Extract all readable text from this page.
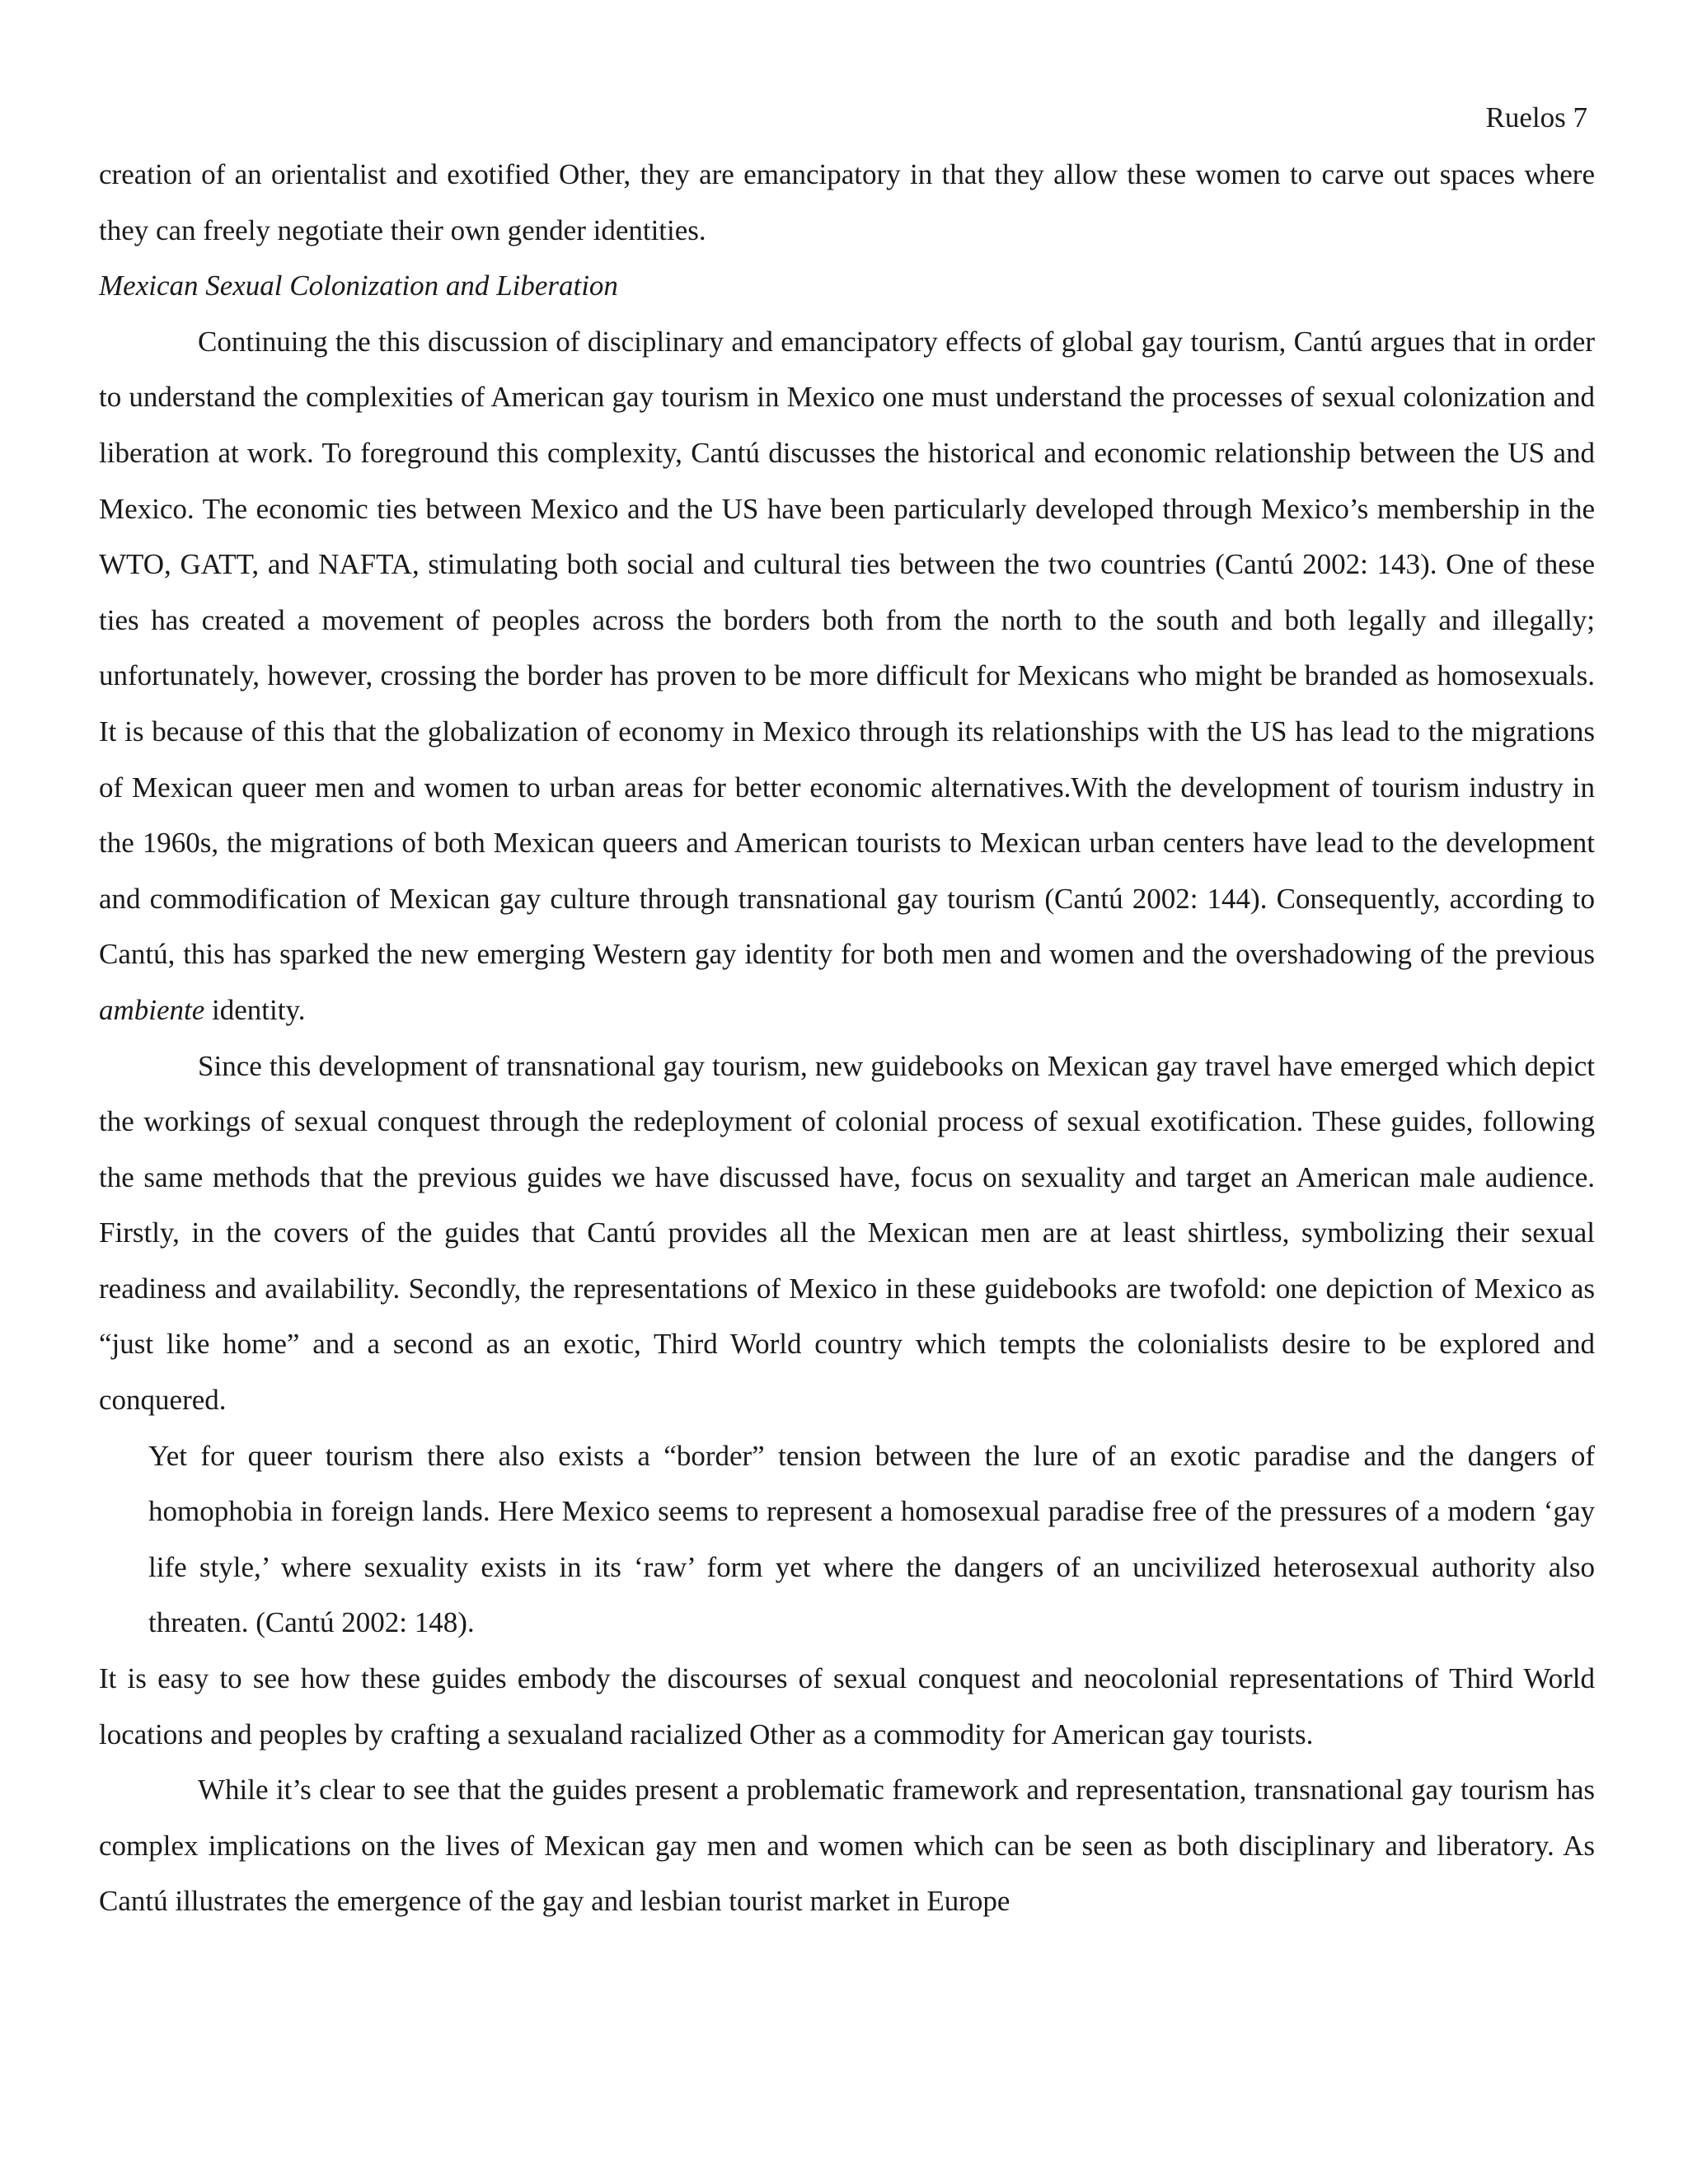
Ruelos 7

creation of an orientalist and exotified Other, they are emancipatory in that they allow these women to carve out spaces where they can freely negotiate their own gender identities.

Mexican Sexual Colonization and Liberation

Continuing the this discussion of disciplinary and emancipatory effects of global gay tourism, Cantú argues that in order to understand the complexities of American gay tourism in Mexico one must understand the processes of sexual colonization and liberation at work. To foreground this complexity, Cantú discusses the historical and economic relationship between the US and Mexico. The economic ties between Mexico and the US have been particularly developed through Mexico’s membership in the WTO, GATT, and NAFTA, stimulating both social and cultural ties between the two countries (Cantú 2002: 143). One of these ties has created a movement of peoples across the borders both from the north to the south and both legally and illegally; unfortunately, however, crossing the border has proven to be more difficult for Mexicans who might be branded as homosexuals. It is because of this that the globalization of economy in Mexico through its relationships with the US has lead to the migrations of Mexican queer men and women to urban areas for better economic alternatives.With the development of tourism industry in the 1960s, the migrations of both Mexican queers and American tourists to Mexican urban centers have lead to the development and commodification of Mexican gay culture through transnational gay tourism (Cantú 2002: 144). Consequently, according to Cantú, this has sparked the new emerging Western gay identity for both men and women and the overshadowing of the previous ambiente identity.

Since this development of transnational gay tourism, new guidebooks on Mexican gay travel have emerged which depict the workings of sexual conquest through the redeployment of colonial process of sexual exotification. These guides, following the same methods that the previous guides we have discussed have, focus on sexuality and target an American male audience. Firstly, in the covers of the guides that Cantú provides all the Mexican men are at least shirtless, symbolizing their sexual readiness and availability. Secondly, the representations of Mexico in these guidebooks are twofold: one depiction of Mexico as “just like home” and a second as an exotic, Third World country which tempts the colonialists desire to be explored and conquered.

Yet for queer tourism there also exists a “border” tension between the lure of an exotic paradise and the dangers of homophobia in foreign lands. Here Mexico seems to represent a homosexual paradise free of the pressures of a modern ‘gay life style,’ where sexuality exists in its ‘raw’ form yet where the dangers of an uncivilized heterosexual authority also threaten. (Cantú 2002: 148).

It is easy to see how these guides embody the discourses of sexual conquest and neocolonial representations of Third World locations and peoples by crafting a sexualand racialized Other as a commodity for American gay tourists.

While it’s clear to see that the guides present a problematic framework and representation, transnational gay tourism has complex implications on the lives of Mexican gay men and women which can be seen as both disciplinary and liberatory. As Cantú illustrates the emergence of the gay and lesbian tourist market in Europe
